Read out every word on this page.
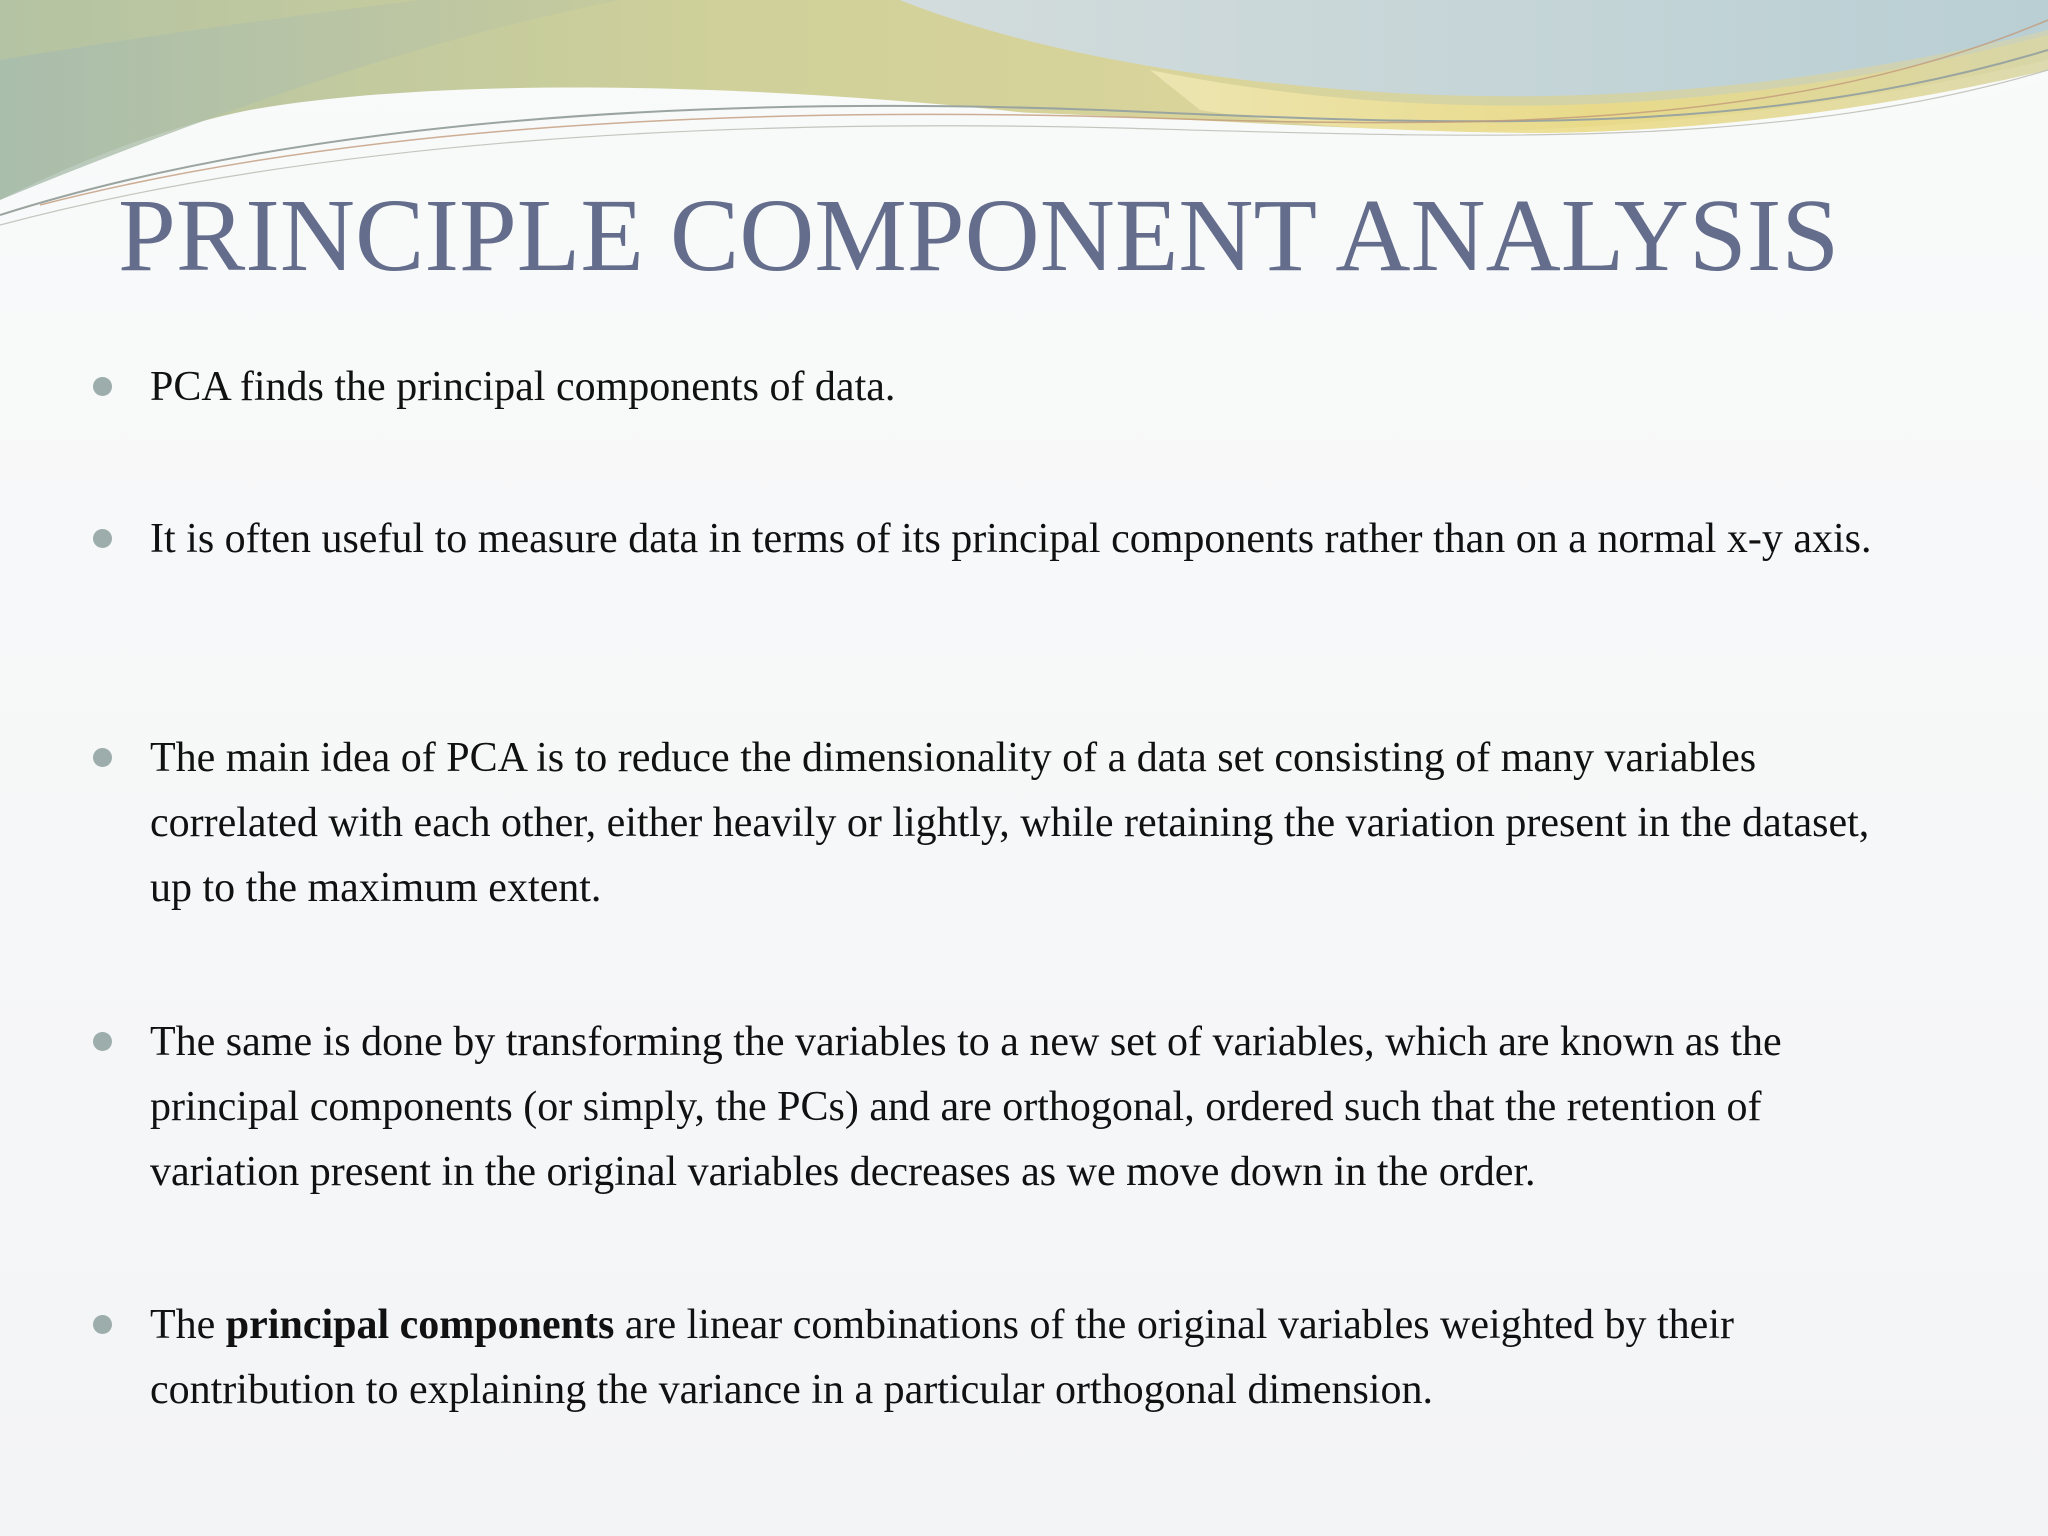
PRINCIPLE COMPONENT ANALYSIS
PCA finds the principal components of data.
It is often useful to measure data in terms of its principal components rather than on a normal x-y axis.
The main idea of PCA is to reduce the dimensionality of a data set consisting of many variables correlated with each other, either heavily or lightly, while retaining the variation present in the dataset, up to the maximum extent.
The same is done by transforming the variables to a new set of variables, which are known as the principal components (or simply, the PCs) and are orthogonal, ordered such that the retention of variation present in the original variables decreases as we move down in the order.
The principal components are linear combinations of the original variables weighted by their contribution to explaining the variance in a particular orthogonal dimension.
